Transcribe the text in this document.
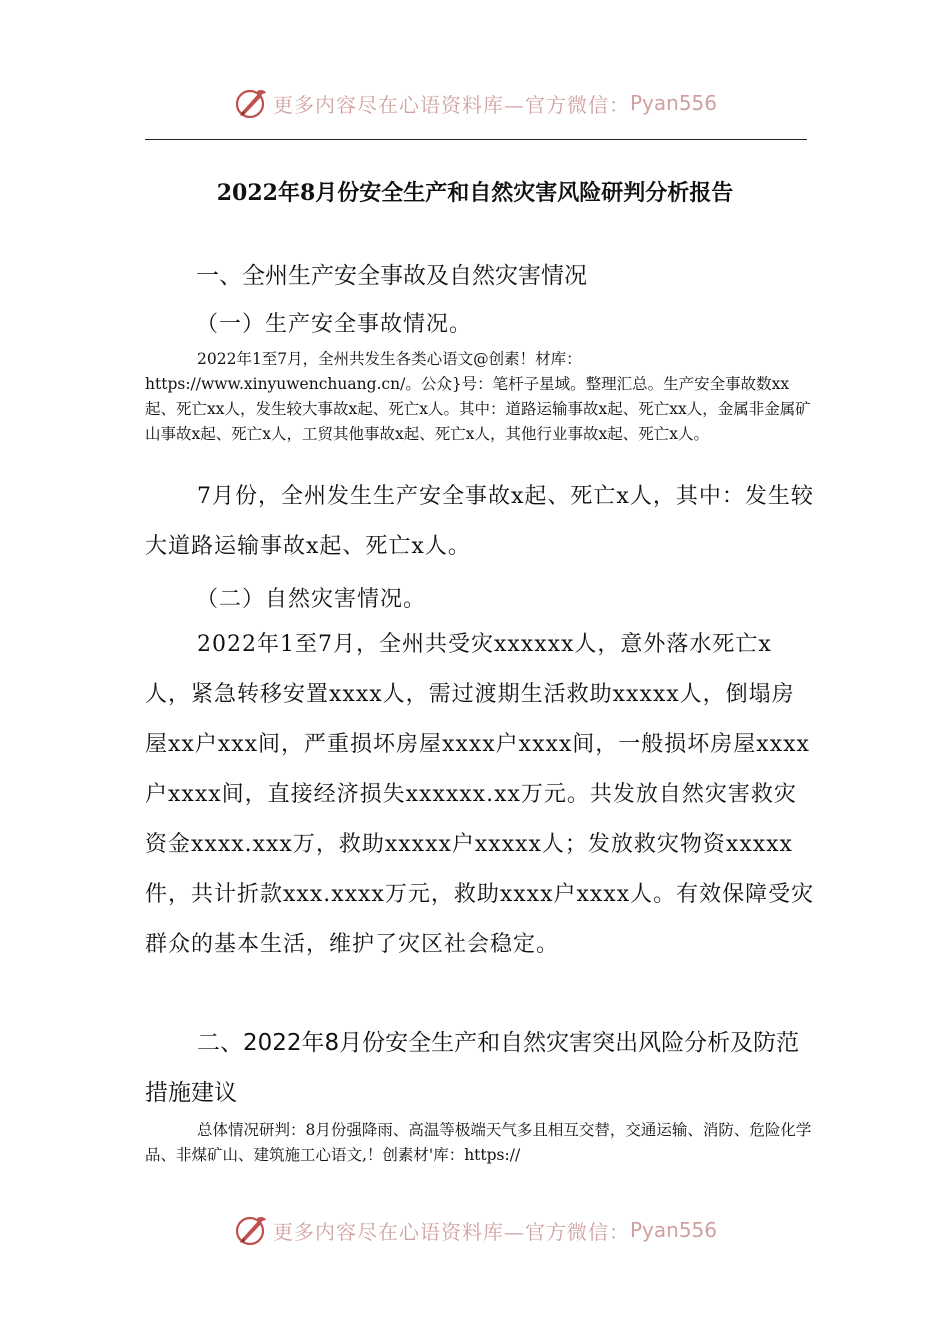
更多内容尽在心语资料库—官方微信： Pyan556
2022年8月份安全生产和自然灾害风险研判分析报告
一、全州生产安全事故及自然灾害情况
（一）生产安全事故情况。
2022年1至7月，全州共发生各类心语文@创素！材库：https://www.xinyuwenchuang.cn/。公众}号：笔杆子星域。整理汇总。生产安全事故数xx起、死亡xx人，发生较大事故x起、死亡x人。其中：道路运输事故x起、死亡xx人，金属非金属矿山事故x起、死亡x人，工贸其他事故x起、死亡x人，其他行业事故x起、死亡x人。
7月份，全州发生生产安全事故x起、死亡x人，其中：发生较大道路运输事故x起、死亡x人。
（二）自然灾害情况。
2022年1至7月，全州共受灾xxxxxx人，意外落水死亡x人，紧急转移安置xxxx人，需过渡期生活救助xxxxx人，倒塌房屋xx户xxx间，严重损坏房屋xxxx户xxxx间，一般损坏房屋xxxx户xxxx间，直接经济损失xxxxxx.xx万元。共发放自然灾害救灾资金xxxx.xxx万，救助xxxxx户xxxxx人；发放救灾物资xxxxx件，共计折款xxx.xxxx万元，救助xxxx户xxxx人。有效保障受灾群众的基本生活，维护了灾区社会稳定。
二、2022年8月份安全生产和自然灾害突出风险分析及防范措施建议
总体情况研判：8月份强降雨、高温等极端天气多且相互交替，交通运输、消防、危险化学品、非煤矿山、建筑施工心语文,！创素材'库：https://
更多内容尽在心语资料库—官方微信： Pyan556
